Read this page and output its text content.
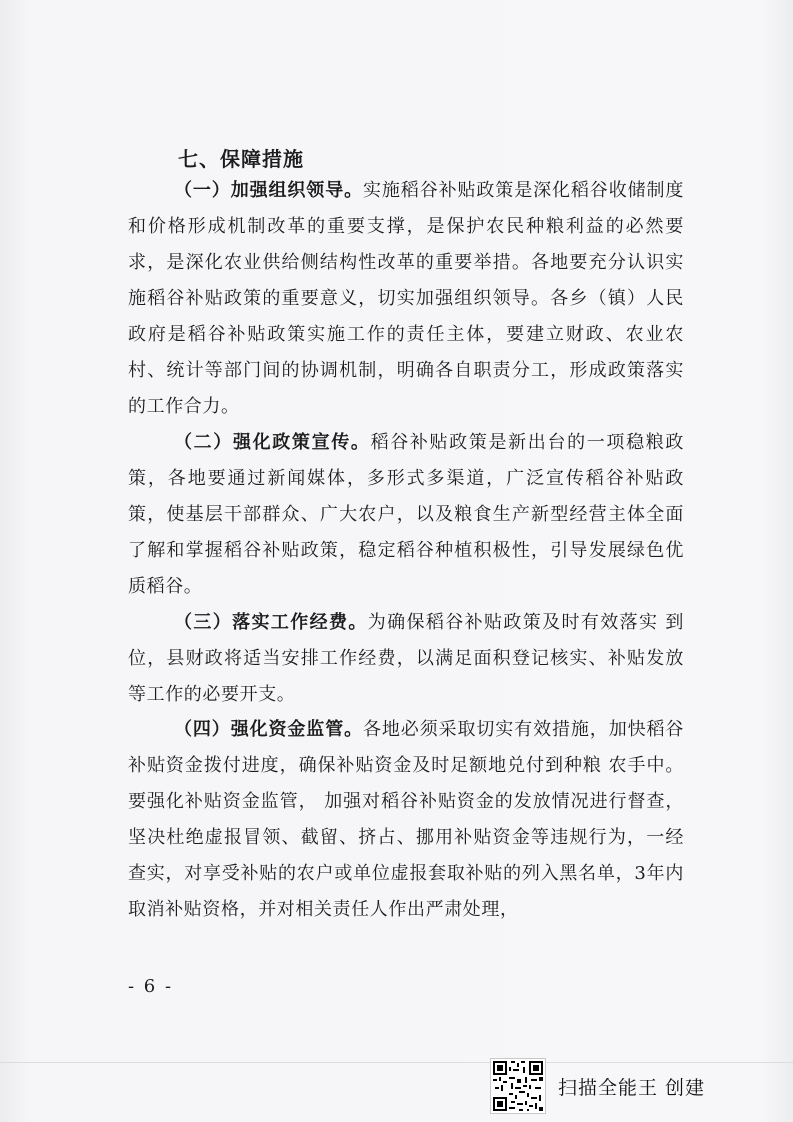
七、保障措施

（一）加强组织领导。实施稻谷补贴政策是深化稻谷收储制度和价格形成机制改革的重要支撑，是保护农民种粮利益的必然要求，是深化农业供给侧结构性改革的重要举措。各地要充分认识实施稻谷补贴政策的重要意义，切实加强组织领导。各乡（镇）人民政府是稻谷补贴政策实施工作的责任主体，要建立财政、农业农村、统计等部门间的协调机制，明确各自职责分工，形成政策落实的工作合力。

（二）强化政策宣传。稻谷补贴政策是新出台的一项稳粮政策，各地要通过新闻媒体，多形式多渠道，广泛宣传稻谷补贴政策，使基层干部群众、广大农户，以及粮食生产新型经营主体全面了解和掌握稻谷补贴政策，稳定稻谷种植积极性，引导发展绿色优质稻谷。

（三）落实工作经费。为确保稻谷补贴政策及时有效落实 到位，县财政将适当安排工作经费，以满足面积登记核实、补贴发放等工作的必要开支。

（四）强化资金监管。各地必须采取切实有效措施，加快稻谷补贴资金拨付进度，确保补贴资金及时足额地兑付到种粮 农手中。要强化补贴资金监管， 加强对稻谷补贴资金的发放情况进行督查，坚决杜绝虚报冒领、截留、挤占、挪用补贴资金等违规行为，一经查实，对享受补贴的农户或单位虚报套取补贴的列入黑名单，3年内取消补贴资格，并对相关责任人作出严肃处理，

- 6 -
扫描全能王 创建
